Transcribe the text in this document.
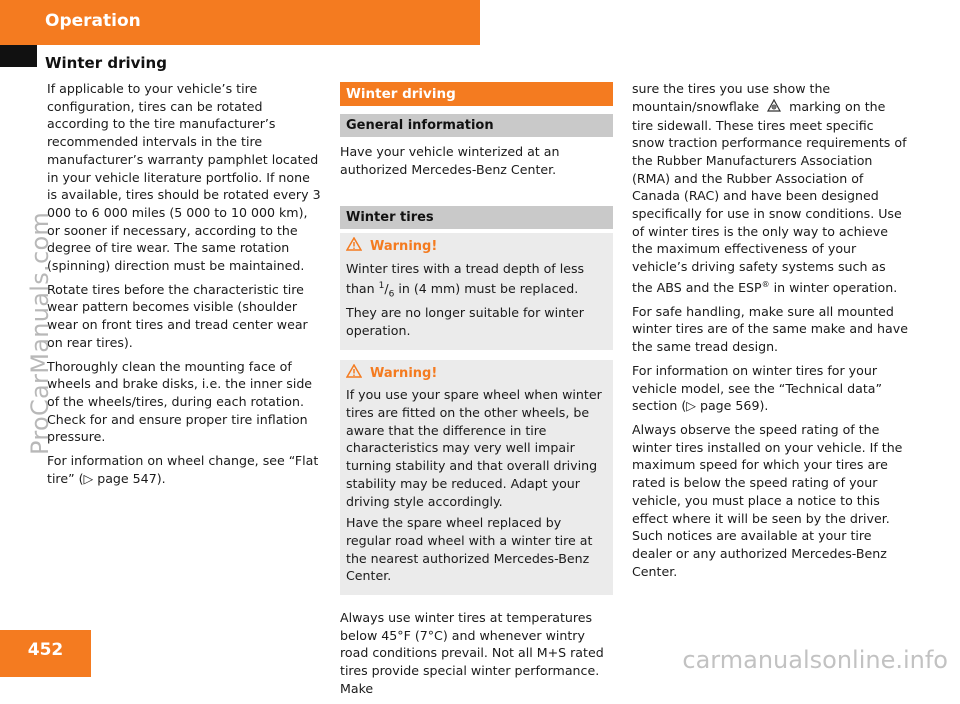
Operation
Winter driving

If applicable to your vehicle’s tire configuration, tires can be rotated according to the tire manufacturer’s recommended intervals in the tire manufacturer’s warranty pamphlet located in your vehicle literature portfolio. If none is available, tires should be rotated every 3 000 to 6 000 miles (5 000 to 10 000 km), or sooner if necessary, according to the degree of tire wear. The same rotation (spinning) direction must be maintained.

Rotate tires before the characteristic tire wear pattern becomes visible (shoulder wear on front tires and tread center wear on rear tires).

Thoroughly clean the mounting face of wheels and brake disks, i.e. the inner side of the wheels/tires, during each rotation. Check for and ensure proper tire inflation pressure.

For information on wheel change, see “Flat tire” (▷ page 547).

Winter driving
General information

Have your vehicle winterized at an authorized Mercedes-Benz Center.

Winter tires
Warning!

Winter tires with a tread depth of less than $^1/_6$ in (4 mm) must be replaced. They are no longer suitable for winter operation.

Warning!

If you use your spare wheel when winter tires are fitted on the other wheels, be aware that the difference in tire characteristics may very well impair turning stability and that overall driving stability may be reduced. Adapt your driving style accordingly.

Have the spare wheel replaced by regular road wheel with a winter tire at the nearest authorized Mercedes-Benz Center.

Always use winter tires at temperatures below 45°F (7°C) and whenever wintry road conditions prevail. Not all M+S rated tires provide special winter performance. Make

sure the tires you use show the mountain/snowflake marking on the tire sidewall. These tires meet specific snow traction performance requirements of the Rubber Manufacturers Association (RMA) and the Rubber Association of Canada (RAC) and have been designed specifically for use in snow conditions. Use of winter tires is the only way to achieve the maximum effectiveness of your vehicle’s driving safety systems such as the ABS and the ESP® in winter operation.

For safe handling, make sure all mounted winter tires are of the same make and have the same tread design.

For information on winter tires for your vehicle model, see the “Technical data” section (▷ page 569).

Always observe the speed rating of the winter tires installed on your vehicle. If the maximum speed for which your tires are rated is below the speed rating of your vehicle, you must place a notice to this effect where it will be seen by the driver. Such notices are available at your tire dealer or any authorized Mercedes-Benz Center.

452
ProCarManuals.com
carmanualsonline.info
